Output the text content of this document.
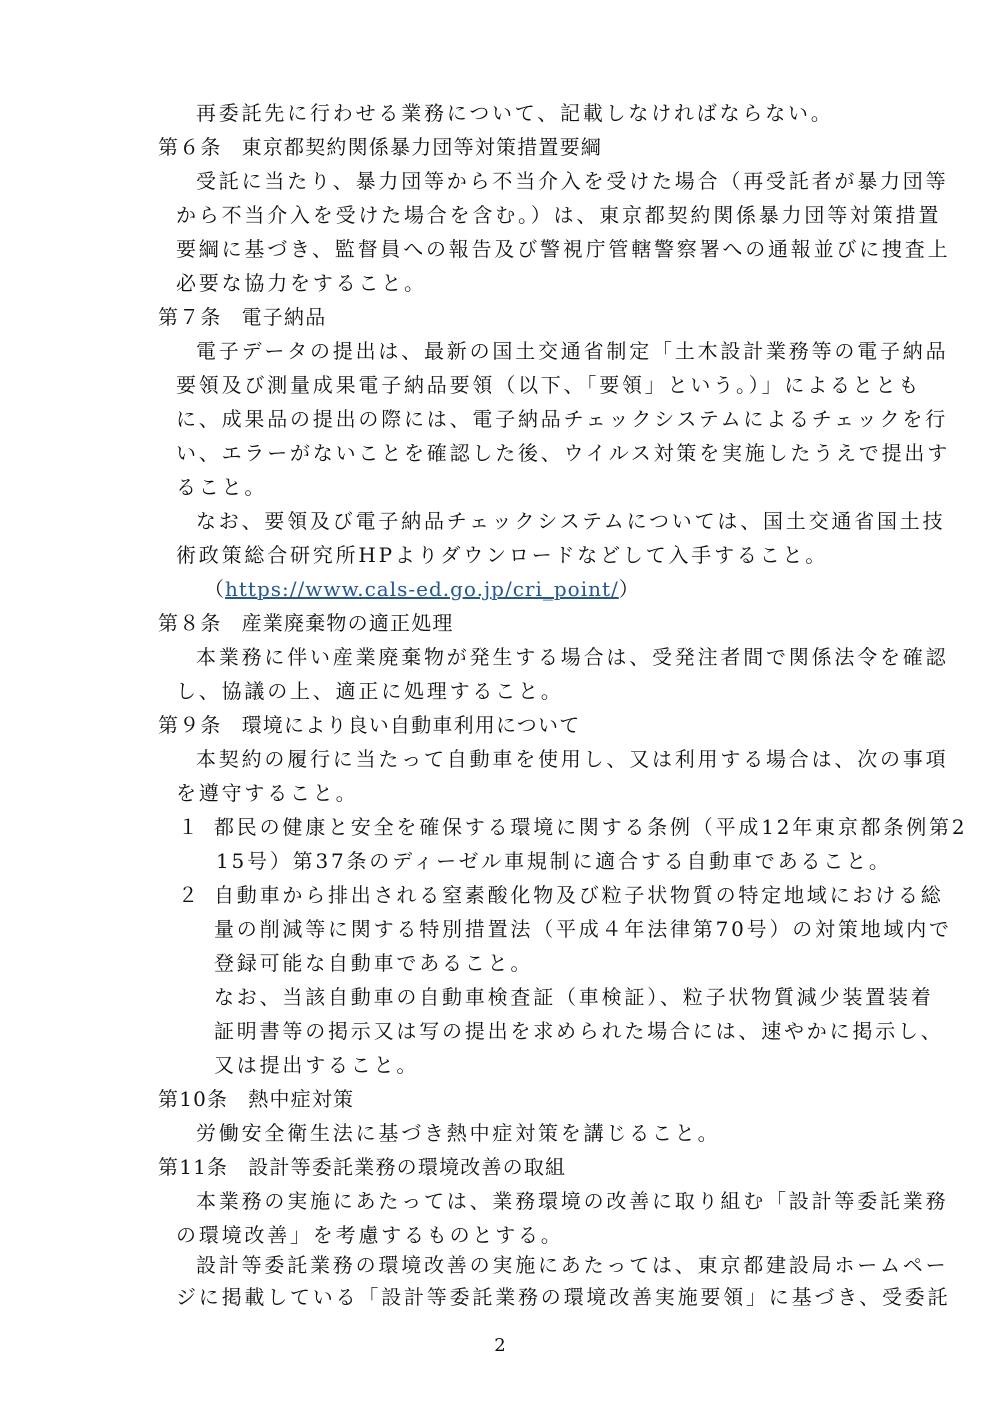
再委託先に行わせる業務について、記載しなければならない。
第６条 東京都契約関係暴力団等対策措置要綱
受託に当たり、暴力団等から不当介入を受けた場合（再受託者が暴力団等
から不当介入を受けた場合を含む。）は、東京都契約関係暴力団等対策措置
要綱に基づき、監督員への報告及び警視庁管轄警察署への通報並びに捜査上
必要な協力をすること。
第７条 電子納品
電子データの提出は、最新の国土交通省制定「土木設計業務等の電子納品
要領及び測量成果電子納品要領（以下、「要領」という。）」によるととも
に、成果品の提出の際には、電子納品チェックシステムによるチェックを行
い、エラーがないことを確認した後、ウイルス対策を実施したうえで提出す
ること。
なお、要領及び電子納品チェックシステムについては、国土交通省国土技
術政策総合研究所HPよりダウンロードなどして入手すること。
（https://www.cals-ed.go.jp/cri_point/）
第８条 産業廃棄物の適正処理
本業務に伴い産業廃棄物が発生する場合は、受発注者間で関係法令を確認
し、協議の上、適正に処理すること。
第９条 環境により良い自動車利用について
本契約の履行に当たって自動車を使用し、又は利用する場合は、次の事項
を遵守すること。
１ 都民の健康と安全を確保する環境に関する条例（平成12年東京都条例第2
15号）第37条のディーゼル車規制に適合する自動車であること。
２ 自動車から排出される窒素酸化物及び粒子状物質の特定地域における総
量の削減等に関する特別措置法（平成４年法律第70号）の対策地域内で
登録可能な自動車であること。
なお、当該自動車の自動車検査証（車検証）、粒子状物質減少装置装着
証明書等の掲示又は写の提出を求められた場合には、速やかに掲示し、
又は提出すること。
第10条 熱中症対策
労働安全衛生法に基づき熱中症対策を講じること。
第11条 設計等委託業務の環境改善の取組
本業務の実施にあたっては、業務環境の改善に取り組む「設計等委託業務
の環境改善」を考慮するものとする。
設計等委託業務の環境改善の実施にあたっては、東京都建設局ホームペー
ジに掲載している「設計等委託業務の環境改善実施要領」に基づき、受委託
2
